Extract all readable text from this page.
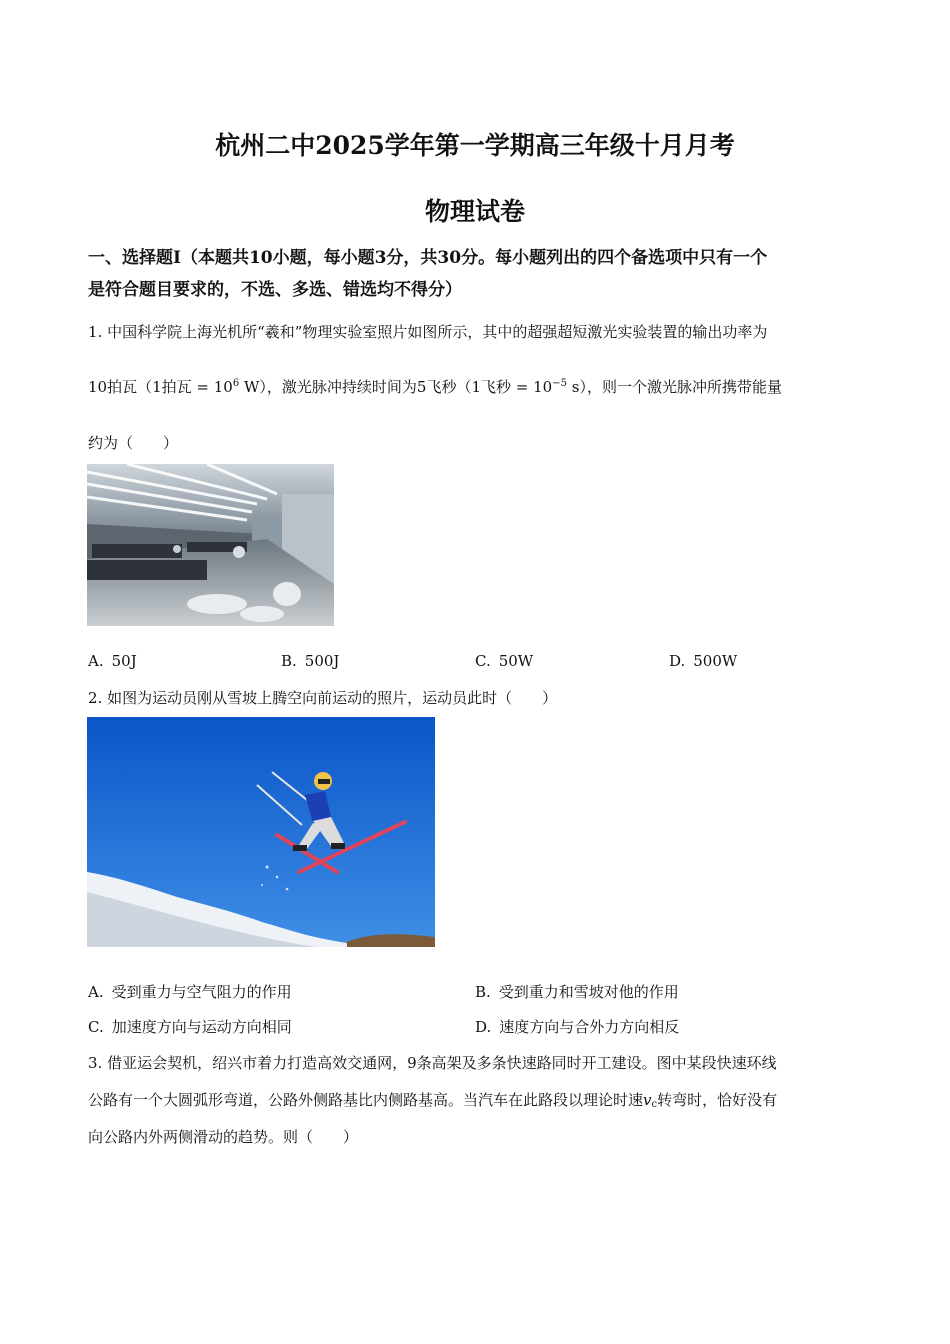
杭州二中2025学年第一学期高三年级十月月考
物理试卷
一、选择题I（本题共10小题，每小题3分，共30分。每小题列出的四个备选项中只有一个
是符合题目要求的，不选、多选、错选均不得分）
1. 中国科学院上海光机所“羲和”物理实验室照片如图所示，其中的超强超短激光实验装置的输出功率为
10拍瓦（1拍瓦 = $10^6$ W），激光脉冲持续时间为5飞秒（1飞秒 = $10^{-5}$ s），则一个激光脉冲所携带能量
约为（　　）
A. 50J	B. 500J	C. 50W	D. 500W
2. 如图为运动员刚从雪坡上腾空向前运动的照片，运动员此时（　　）
A. 受到重力与空气阻力的作用	B. 受到重力和雪坡对他的作用
C. 加速度方向与运动方向相同	D. 速度方向与合外力方向相反
3. 借亚运会契机，绍兴市着力打造高效交通网，9条高架及多条快速路同时开工建设。图中某段快速环线
公路有一个大圆弧形弯道，公路外侧路基比内侧路基高。当汽车在此路段以理论时速$v_c$转弯时，恰好没有
向公路内外两侧滑动的趋势。则（　　）
